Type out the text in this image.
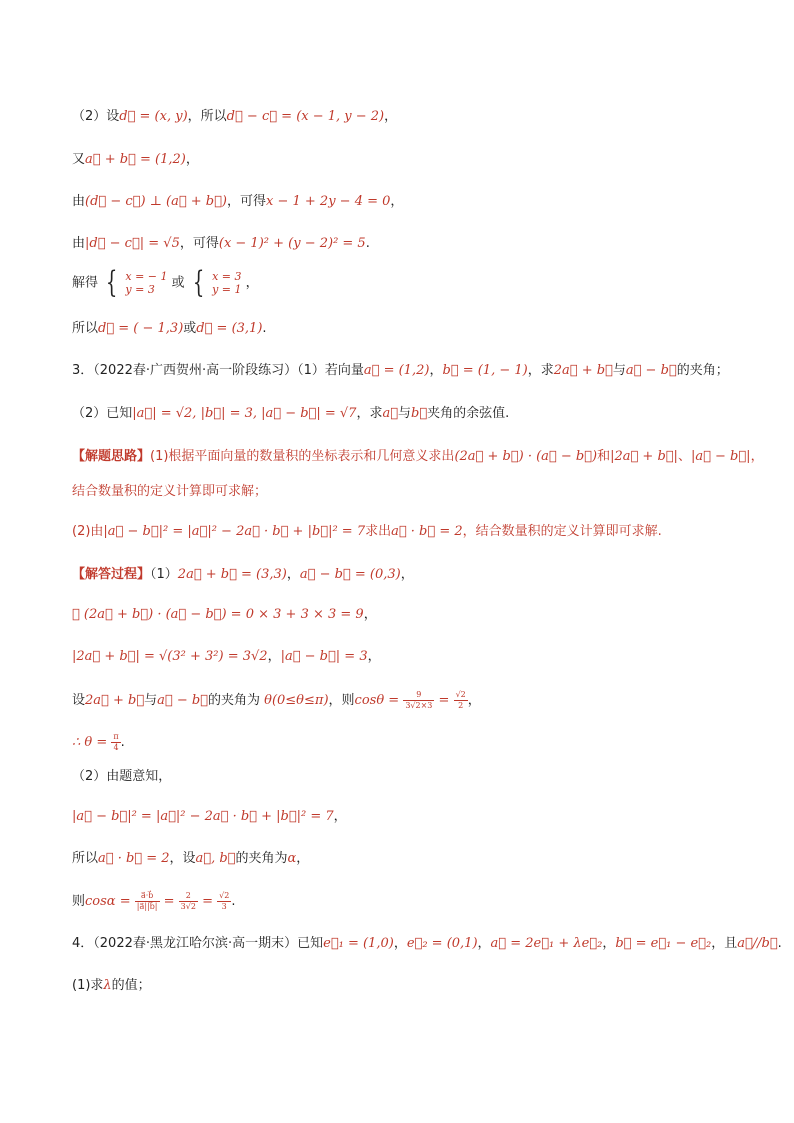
（2）设d⃗ = (x, y)，所以d⃗ − c⃗ = (x − 1, y − 2)，
又a⃗ + b⃗ = (1,2)，
由(d⃗ − c⃗) ⊥ (a⃗ + b⃗)，可得x − 1 + 2y − 4 = 0，
由|d⃗ − c⃗| = √5，可得(x − 1)² + (y − 2)² = 5.
解得 { x = − 1
y = 3	或 { x = 3
y = 1 ，
所以d⃗ = ( − 1,3)或d⃗ = (3,1).
3．（2022春·广西贺州·高一阶段练习）（1）若向量a⃗ = (1,2)，b⃗ = (1, − 1)，求2a⃗ + b⃗与a⃗ − b⃗的夹角；
（2）已知|a⃗| = √2, |b⃗| = 3, |a⃗ − b⃗| = √7，求a⃗与b⃗夹角的余弦值.
【解题思路】(1)根据平面向量的数量积的坐标表示和几何意义求出(2a⃗ + b⃗) · (a⃗ − b⃗)和|2a⃗ + b⃗|、|a⃗ − b⃗|，
结合数量积的定义计算即可求解；
(2)由|a⃗ − b⃗|² = |a⃗|² − 2a⃗ · b⃗ + |b⃗|² = 7求出a⃗ · b⃗ = 2，结合数量积的定义计算即可求解.
【解答过程】（1）2a⃗ + b⃗ = (3,3)，a⃗ − b⃗ = (0,3)，
∴ (2a⃗ + b⃗) · (a⃗ − b⃗) = 0 × 3 + 3 × 3 = 9，
|2a⃗ + b⃗| = √(3² + 3²) = 3√2，|a⃗ − b⃗| = 3，
设2a⃗ + b⃗与a⃗ − b⃗的夹角为 θ(0≤θ≤π)，则$\cos\theta = \frac{9}{3√2\times 3} = \frac{√2}{2}$ ，
∴ $\theta = \frac{\pi}{4}$ .
（2）由题意知，
|a⃗ − b⃗|² = |a⃗|² − 2a⃗ · b⃗ + |b⃗|² = 7，
所以a⃗ · b⃗ = 2，设a⃗, b⃗的夹角为α，
则$\cos\alpha = \frac{a⃗\cdot b⃗}{|a⃗||b⃗|} = \frac{2}{3√2} = \frac{√2}{3}$ .
4．（2022春·黑龙江哈尔滨·高一期末）已知e⃗₁ = (1,0)，e⃗₂ = (0,1)，a⃗ = 2e⃗₁ + λe⃗₂，b⃗ = e⃗₁ − e⃗₂，且a⃗//b⃗.
(1)求λ的值；
